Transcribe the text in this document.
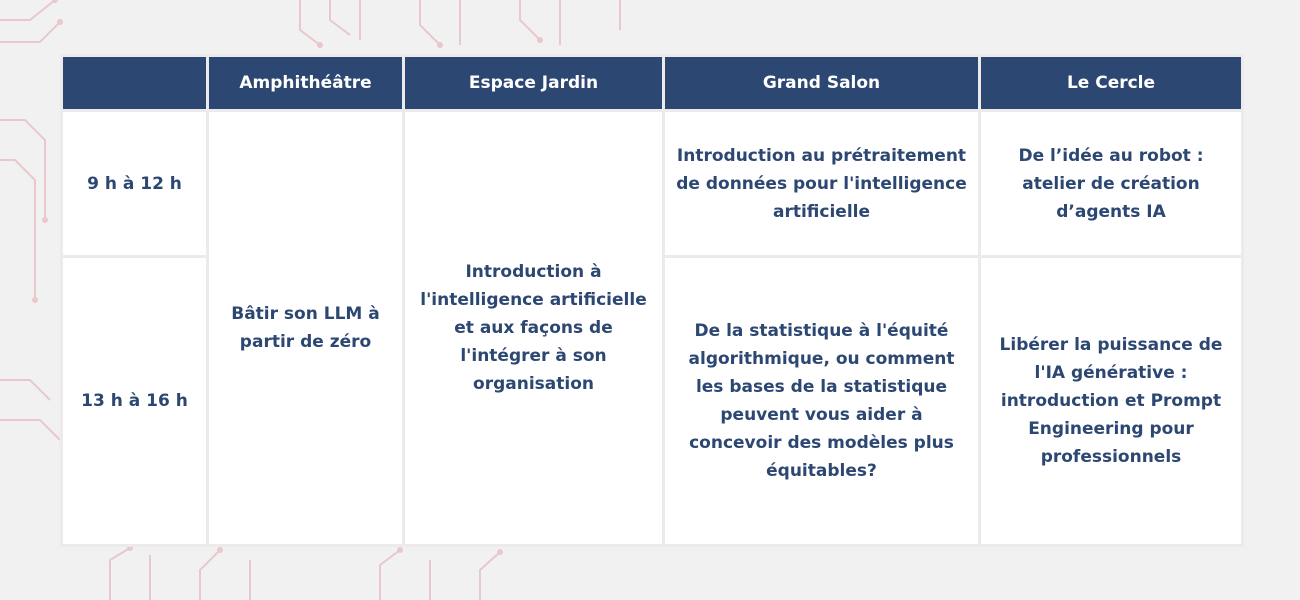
	Amphithéâtre	Espace Jardin	Grand Salon	Le Cercle
9 h à 12 h	Bâtir son LLM à partir de zéro	Introduction à l'intelligence artificielle et aux façons de l'intégrer à son organisation	Introduction au prétraitement de données pour l'intelligence artificielle	De l’idée au robot : atelier de création d’agents IA
13 h à 16 h			De la statistique à l'équité algorithmique, ou comment les bases de la statistique peuvent vous aider à concevoir des modèles plus équitables?	Libérer la puissance de l'IA générative : introduction et Prompt Engineering pour professionnels
